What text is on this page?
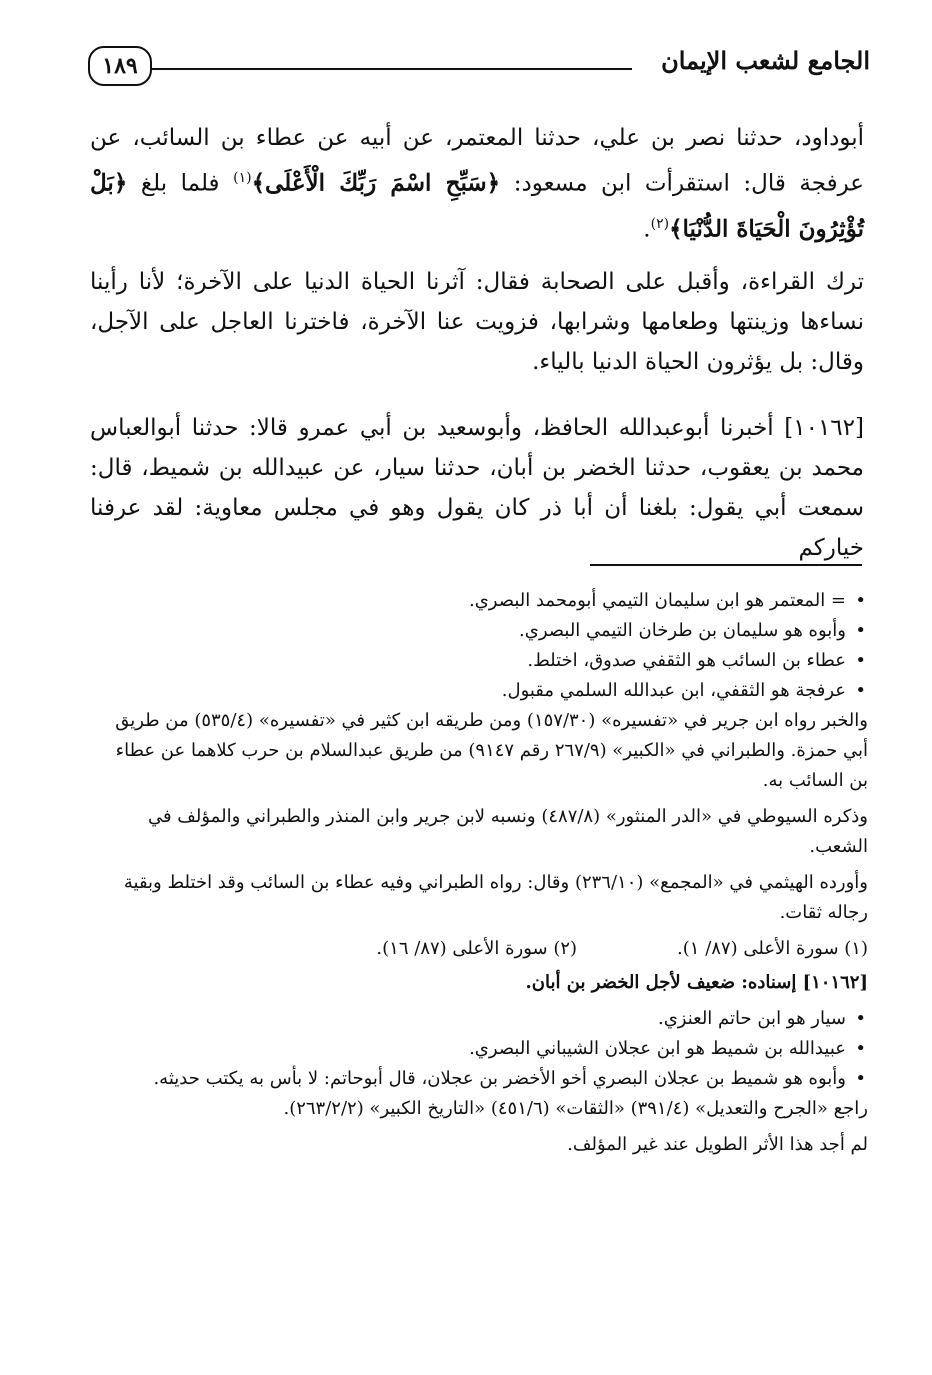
١٨٩	الجامع لشعب الإيمان

أبوداود، حدثنا نصر بن علي، حدثنا المعتمر، عن أبيه عن عطاء بن السائب، عن عرفجة قال: استقرأت ابن مسعود: ﴿سَبِّحِ اسْمَ رَبِّكَ الْأَعْلَى﴾$^{(١)}$ فلما بلغ ﴿بَلْ تُؤْثِرُونَ الْحَيَاةَ الدُّنْيَا﴾$^{(٢)}$.

ترك القراءة، وأقبل على الصحابة فقال: آثرنا الحياة الدنيا على الآخرة؛ لأنا رأينا نساءها وزينتها وطعامها وشرابها، فزويت عنا الآخرة، فاخترنا العاجل على الآجل، وقال: بل يؤثرون الحياة الدنيا بالياء.

[١٠١٦٢] أخبرنا أبوعبدالله الحافظ، وأبوسعيد بن أبي عمرو قالا: حدثنا أبوالعباس محمد بن يعقوب، حدثنا الخضر بن أبان، حدثنا سيار، عن عبيدالله بن شميط، قال: سمعت أبي يقول: بلغنا أن أبا ذر كان يقول وهو في مجلس معاوية: لقد عرفنا خياركم

• = المعتمر هو ابن سليمان التيمي أبومحمد البصري.
• وأبوه هو سليمان بن طرخان التيمي البصري.
• عطاء بن السائب هو الثقفي صدوق، اختلط.
• عرفجة هو الثقفي، ابن عبدالله السلمي مقبول.

والخبر رواه ابن جرير في «تفسيره» (١٥٧/٣٠) ومن طريقه ابن كثير في «تفسيره» (٥٣٥/٤) من طريق أبي حمزة. والطبراني في «الكبير» (٢٦٧/٩ رقم ٩١٤٧) من طريق عبدالسلام بن حرب كلاهما عن عطاء بن السائب به.

وذكره السيوطي في «الدر المنثور» (٤٨٧/٨) ونسبه لابن جرير وابن المنذر والطبراني والمؤلف في الشعب.

وأورده الهيثمي في «المجمع» (٢٣٦/١٠) وقال: رواه الطبراني وفيه عطاء بن السائب وقد اختلط وبقية رجاله ثقات.

(١) سورة الأعلى (٨٧/ ١).
(٢) سورة الأعلى (٨٧/ ١٦).

[١٠١٦٢] إسناده: ضعيف لأجل الخضر بن أبان.

• سيار هو ابن حاتم العنزي.
• عبيدالله بن شميط هو ابن عجلان الشيباني البصري.
• وأبوه هو شميط بن عجلان البصري أخو الأخضر بن عجلان، قال أبوحاتم: لا بأس به يكتب حديثه.

راجع «الجرح والتعديل» (٣٩١/٤) «الثقات» (٤٥١/٦) «التاريخ الكبير» (٢٦٣/٢/٢).

لم أجد هذا الأثر الطويل عند غير المؤلف.
